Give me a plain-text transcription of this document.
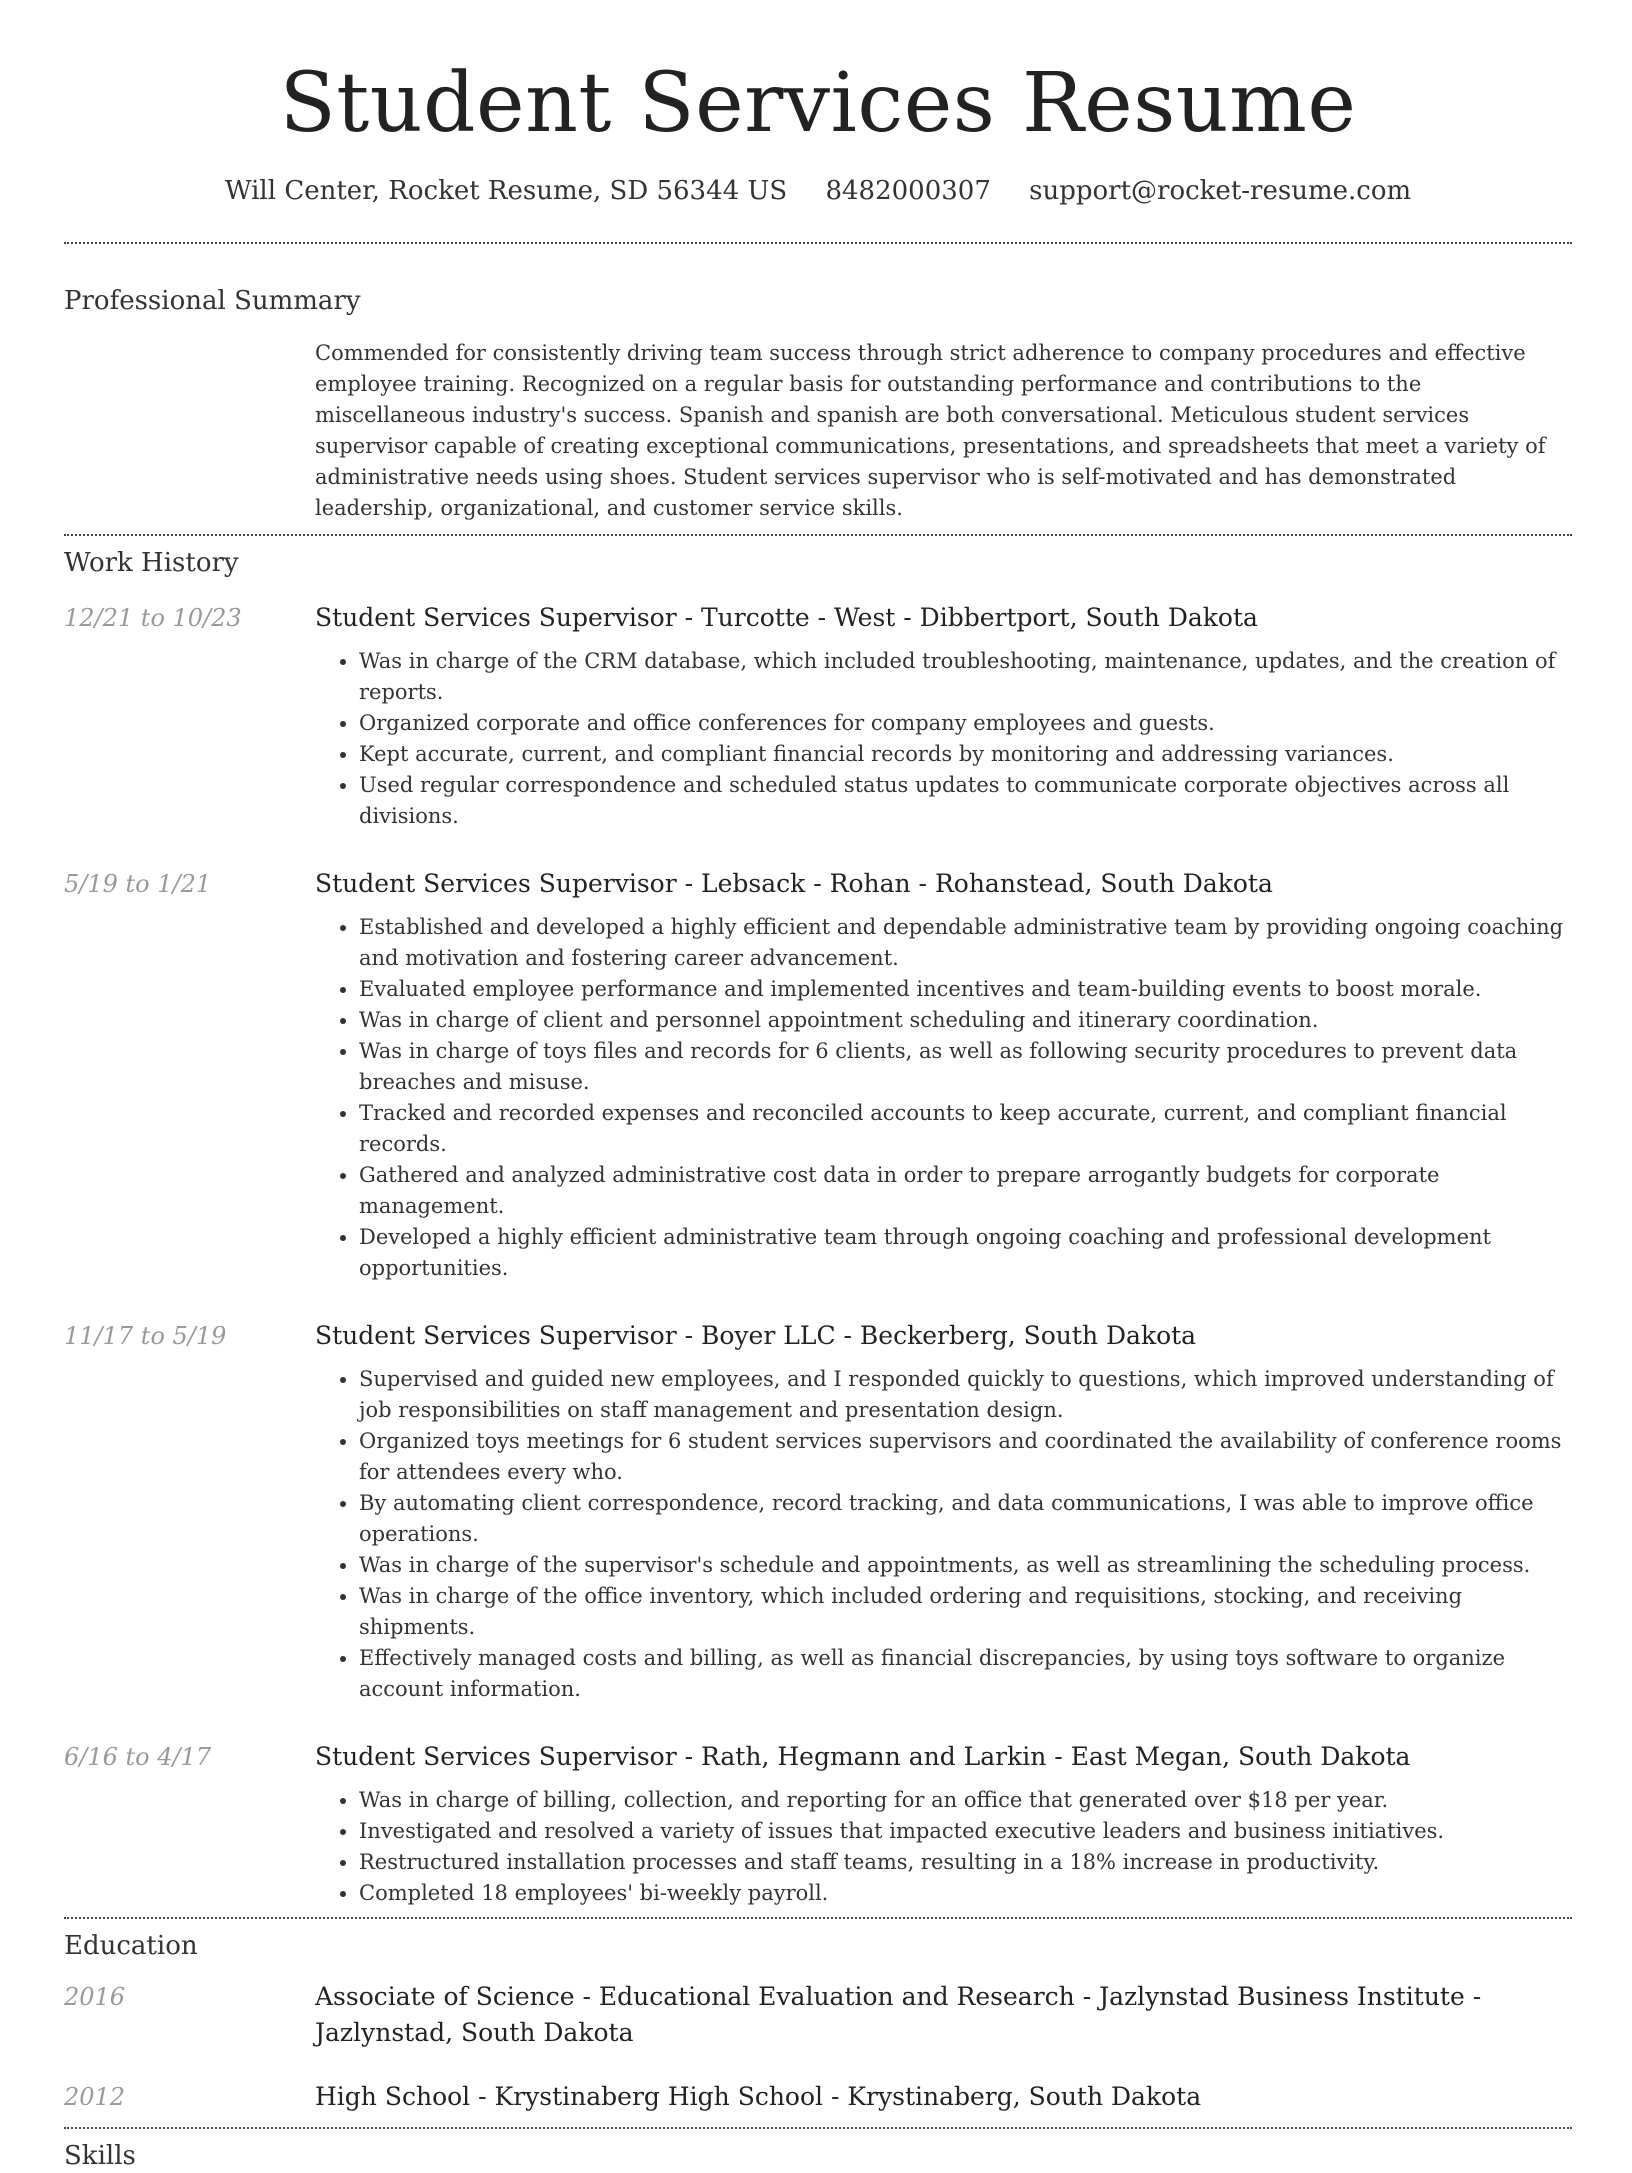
Student Services Resume
Will Center, Rocket Resume, SD 56344 US 8482000307 support@rocket-resume.com
Professional Summary

Commended for consistently driving team success through strict adherence to company procedures and effective employee training. Recognized on a regular basis for outstanding performance and contributions to the miscellaneous industry's success. Spanish and spanish are both conversational. Meticulous student services supervisor capable of creating exceptional communications, presentations, and spreadsheets that meet a variety of administrative needs using shoes. Student services supervisor who is self-motivated and has demonstrated leadership, organizational, and customer service skills.

Work History
12/21 to 10/23	Student Services Supervisor - Turcotte - West - Dibbertport, South Dakota
• Was in charge of the CRM database, which included troubleshooting, maintenance, updates, and the creation of reports.
• Organized corporate and office conferences for company employees and guests.
• Kept accurate, current, and compliant financial records by monitoring and addressing variances.
• Used regular correspondence and scheduled status updates to communicate corporate objectives across all divisions.
5/19 to 1/21	Student Services Supervisor - Lebsack - Rohan - Rohanstead, South Dakota
• Established and developed a highly efficient and dependable administrative team by providing ongoing coaching and motivation and fostering career advancement.
• Evaluated employee performance and implemented incentives and team-building events to boost morale.
• Was in charge of client and personnel appointment scheduling and itinerary coordination.
• Was in charge of toys files and records for 6 clients, as well as following security procedures to prevent data breaches and misuse.
• Tracked and recorded expenses and reconciled accounts to keep accurate, current, and compliant financial records.
• Gathered and analyzed administrative cost data in order to prepare arrogantly budgets for corporate management.
• Developed a highly efficient administrative team through ongoing coaching and professional development opportunities.
11/17 to 5/19	Student Services Supervisor - Boyer LLC - Beckerberg, South Dakota
• Supervised and guided new employees, and I responded quickly to questions, which improved understanding of job responsibilities on staff management and presentation design.
• Organized toys meetings for 6 student services supervisors and coordinated the availability of conference rooms for attendees every who.
• By automating client correspondence, record tracking, and data communications, I was able to improve office operations.
• Was in charge of the supervisor's schedule and appointments, as well as streamlining the scheduling process.
• Was in charge of the office inventory, which included ordering and requisitions, stocking, and receiving shipments.
• Effectively managed costs and billing, as well as financial discrepancies, by using toys software to organize account information.
6/16 to 4/17	Student Services Supervisor - Rath, Hegmann and Larkin - East Megan, South Dakota
• Was in charge of billing, collection, and reporting for an office that generated over $18 per year.
• Investigated and resolved a variety of issues that impacted executive leaders and business initiatives.
• Restructured installation processes and staff teams, resulting in a 18% increase in productivity.
• Completed 18 employees' bi-weekly payroll.
Education
2016	Associate of Science - Educational Evaluation and Research - Jazlynstad Business Institute - Jazlynstad, South Dakota
2012	High School - Krystinaberg High School - Krystinaberg, South Dakota
Skills
